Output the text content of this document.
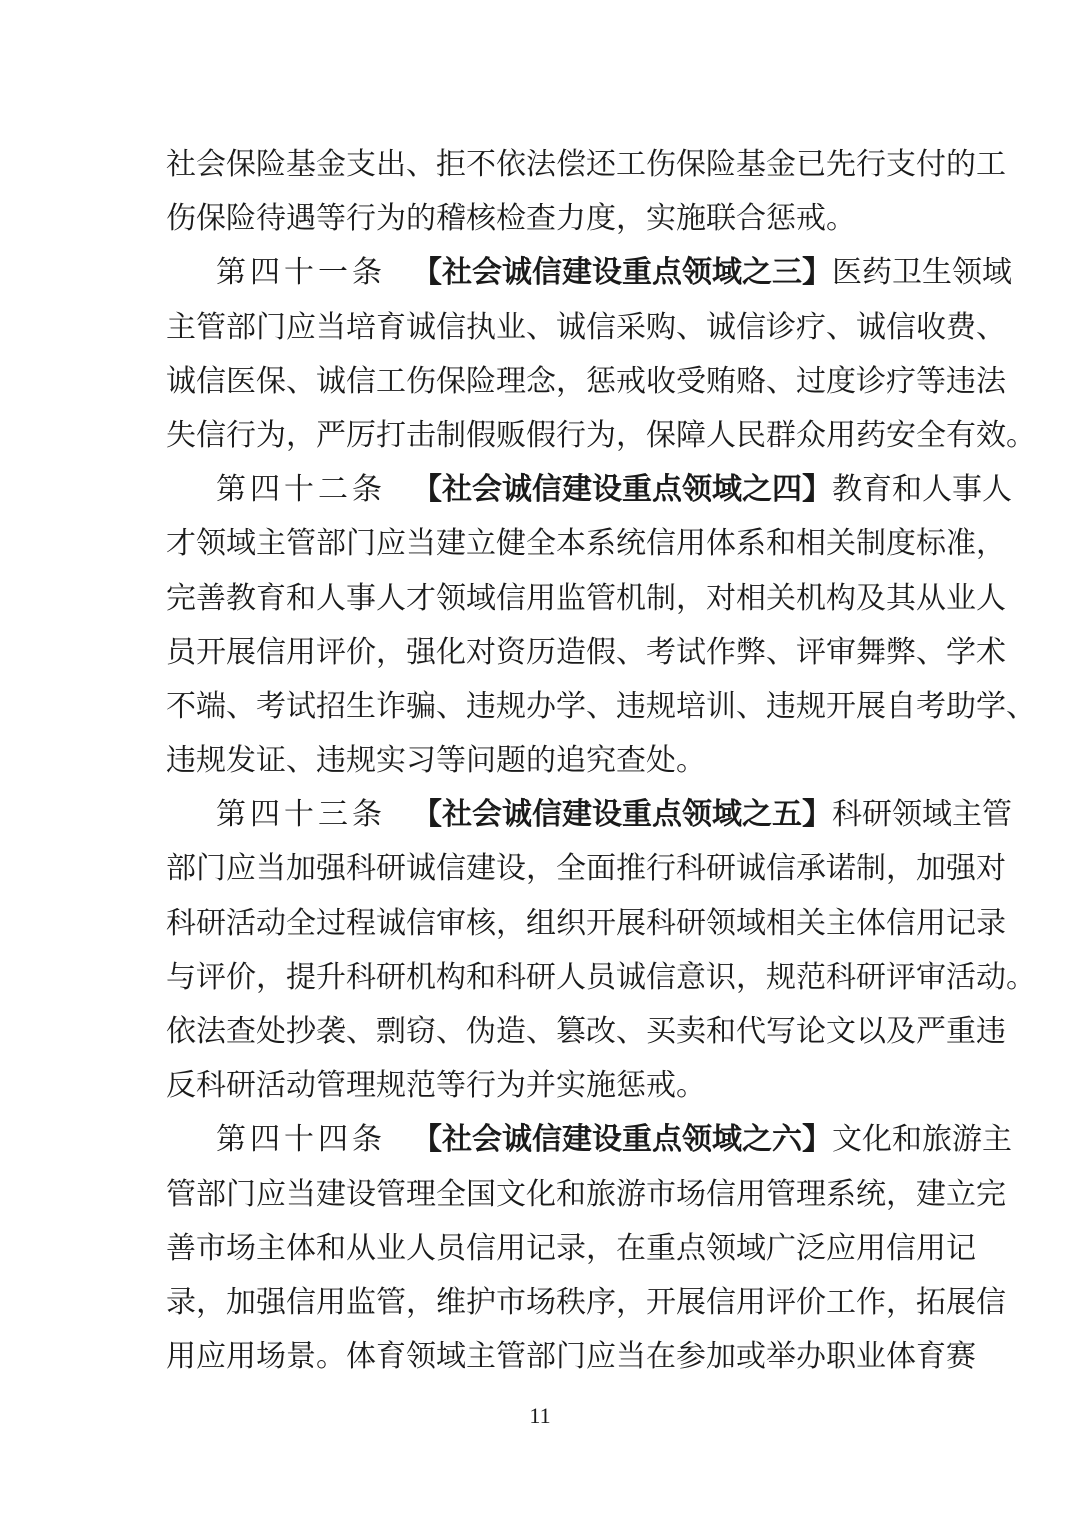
社 会 保 险 基 金 支 出 、 拒 不 依 法 偿 还 工 伤 保 险 基 金 已 先 行 支 付 的 工
伤保险待遇等行为的稽核检查力度，实施联合惩戒。
第四十一条 【社会诚信建设重点领域之三】医药卫生领域
主 管 部 门 应 当 培 育 诚 信 执 业 、 诚 信 采 购 、 诚 信 诊 疗 、 诚 信 收 费 、
诚 信 医 保 、 诚 信 工 伤 保 险 理 念 ， 惩 戒 收 受 贿 赂 、 过 度 诊 疗 等 违 法
失 信 行 为 ， 严 厉 打 击 制 假 贩 假 行 为 ， 保 障 人 民 群 众 用 药 安 全 有 效 。
第四十二条 【社会诚信建设重点领域之四】教育和人事人
才 领 域 主 管 部 门 应 当 建 立 健 全 本 系 统 信 用 体 系 和 相 关 制 度 标 准 ，
完 善 教 育 和 人 事 人 才 领 域 信 用 监 管 机 制 ， 对 相 关 机 构 及 其 从 业 人
员 开 展 信 用 评 价 ， 强 化 对 资 历 造 假 、 考 试 作 弊 、 评 审 舞 弊 、 学 术
不 端 、 考 试 招 生 诈 骗 、 违 规 办 学 、 违 规 培 训 、 违 规 开 展 自 考 助 学 、
违规发证、违规实习等问题的追究查处。
第四十三条 【社会诚信建设重点领域之五】科研领域主管
部 门 应 当 加 强 科 研 诚 信 建 设 ， 全 面 推 行 科 研 诚 信 承 诺 制 ， 加 强 对
科 研 活 动 全 过 程 诚 信 审 核 ， 组 织 开 展 科 研 领 域 相 关 主 体 信 用 记 录
与 评 价 ， 提 升 科 研 机 构 和 科 研 人 员 诚 信 意 识 ， 规 范 科 研 评 审 活 动 。
依 法 查 处 抄 袭 、 剽 窃 、 伪 造 、 篡 改 、 买 卖 和 代 写 论 文 以 及 严 重 违
反科研活动管理规范等行为并实施惩戒。
第四十四条 【社会诚信建设重点领域之六】文化和旅游主
管 部 门 应 当 建 设 管 理 全 国 文 化 和 旅 游 市 场 信 用 管 理 系 统 ， 建 立 完
善 市 场 主 体 和 从 业 人 员 信 用 记 录 ， 在 重 点 领 域 广 泛 应 用 信 用 记
录 ， 加 强 信 用 监 管 ， 维 护 市 场 秩 序 ， 开 展 信 用 评 价 工 作 ， 拓 展 信
用 应 用 场 景 。 体 育 领 域 主 管 部 门 应 当 在 参 加 或 举 办 职 业 体 育 赛
11
